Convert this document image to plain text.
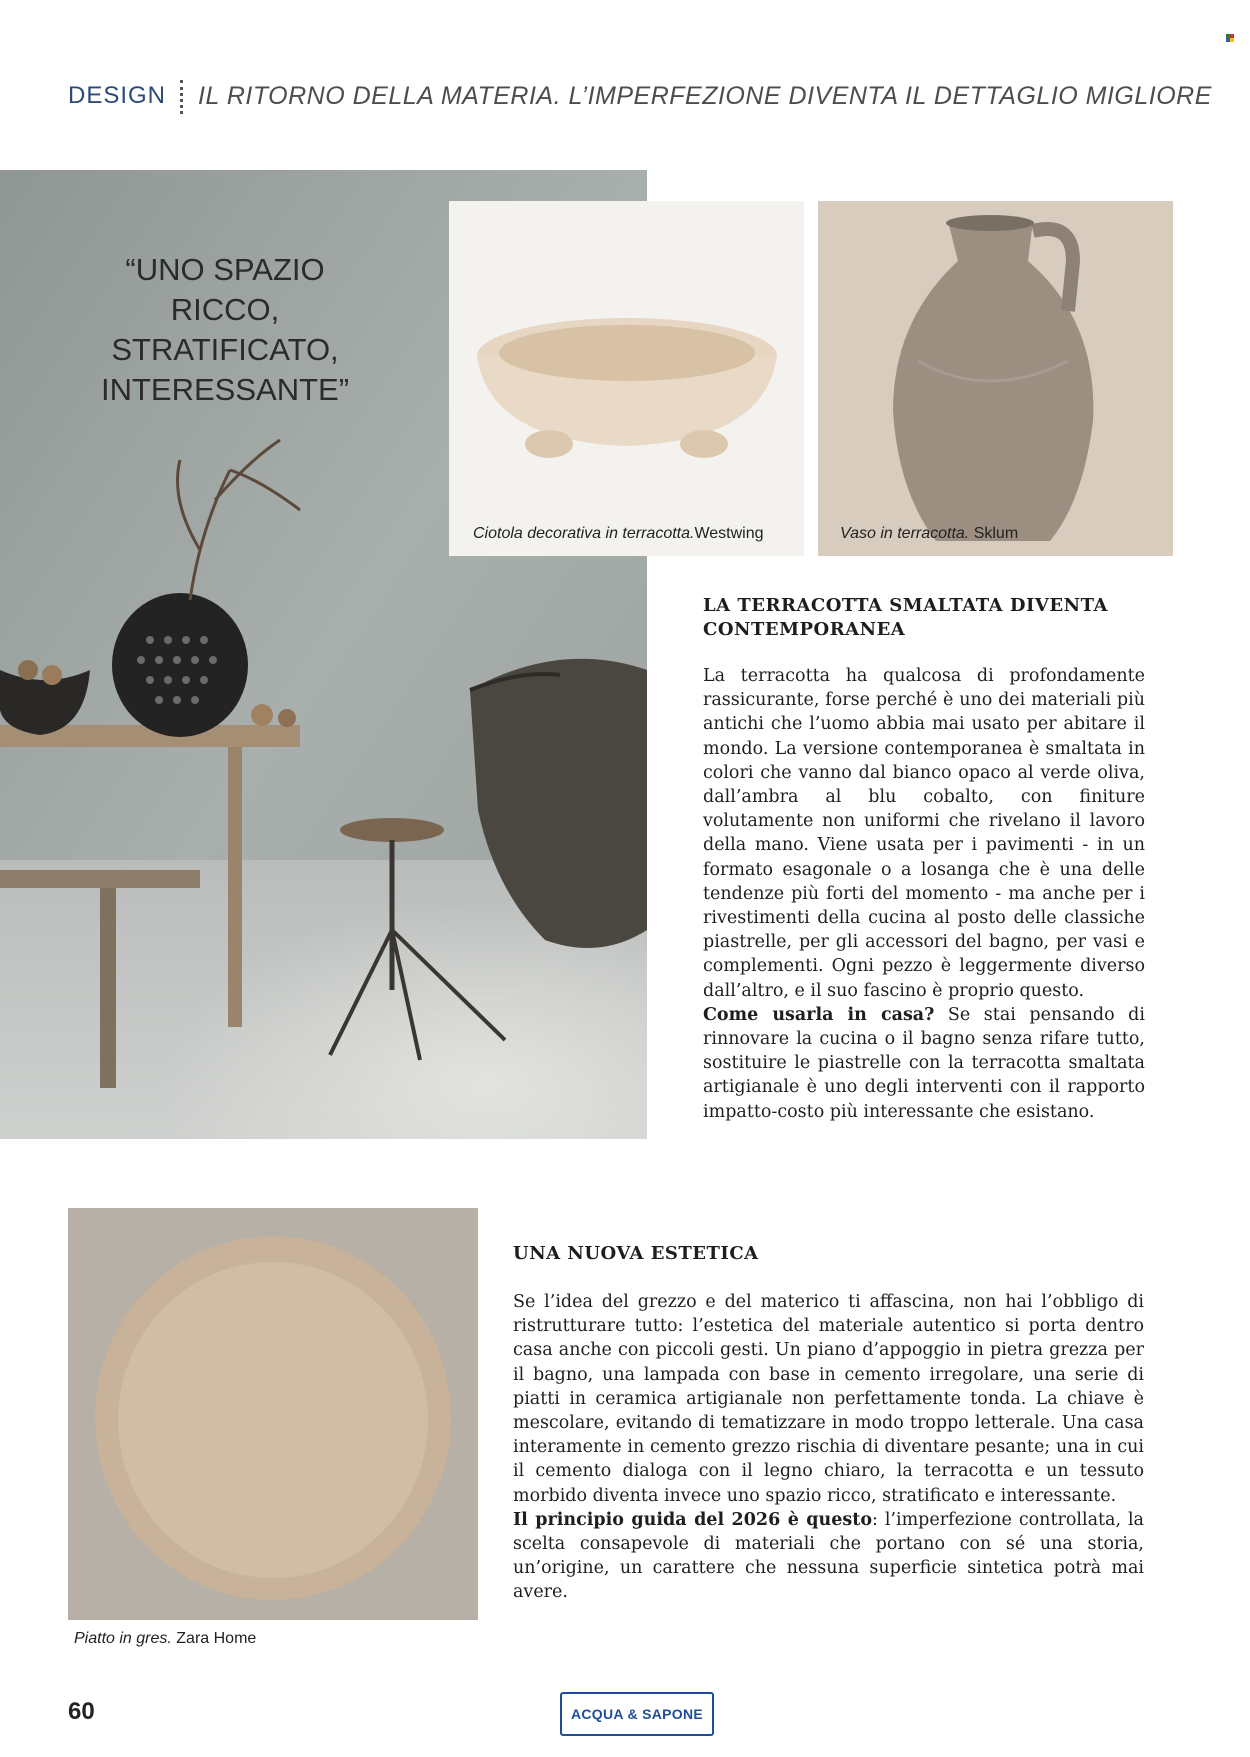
DESIGN IL RITORNO DELLA MATERIA. L’IMPERFEZIONE DIVENTA IL DETTAGLIO MIGLIORE
“UNO SPAZIO RICCO, STRATIFICATO, INTERESSANTE”
Ciotola decorativa in terracotta.Westwing	Vaso in terracotta. Sklum
LA TERRACOTTA SMALTATA DIVENTA CONTEMPORANEA
La terracotta ha qualcosa di profondamente rassicurante, forse perché è uno dei materiali più antichi che l’uomo abbia mai usato per abitare il mondo. La versione contemporanea è smaltata in colori che vanno dal bianco opaco al verde oliva, dall’ambra al blu cobalto, con finiture volutamente non uniformi che rivelano il lavoro della mano. Viene usata per i pavimenti - in un formato esagonale o a losanga che è una delle tendenze più forti del momento - ma anche per i rivestimenti della cucina al posto delle classiche piastrelle, per gli accessori del bagno, per vasi e complementi. Ogni pezzo è leggermente diverso dall’altro, e il suo fascino è proprio questo.
Come usarla in casa? Se stai pensando di rinnovare la cucina o il bagno senza rifare tutto, sostituire le piastrelle con la terracotta smaltata artigianale è uno degli interventi con il rapporto impatto-costo più interessante che esistano.
Piatto in gres. Zara Home
UNA NUOVA ESTETICA
Se l’idea del grezzo e del materico ti affascina, non hai l’obbligo di ristrutturare tutto: l’estetica del materiale autentico si porta dentro casa anche con piccoli gesti. Un piano d’appoggio in pietra grezza per il bagno, una lampada con base in cemento irregolare, una serie di piatti in ceramica artigianale non perfettamente tonda. La chiave è mescolare, evitando di tematizzare in modo troppo letterale. Una casa interamente in cemento grezzo rischia di diventare pesante; una in cui il cemento dialoga con il legno chiaro, la terracotta e un tessuto morbido diventa invece uno spazio ricco, stratificato e interessante.
Il principio guida del 2026 è questo: l’imperfezione controllata, la scelta consapevole di materiali che portano con sé una storia, un’origine, un carattere che nessuna superficie sintetica potrà mai avere.
60	ACQUA & SAPONE
